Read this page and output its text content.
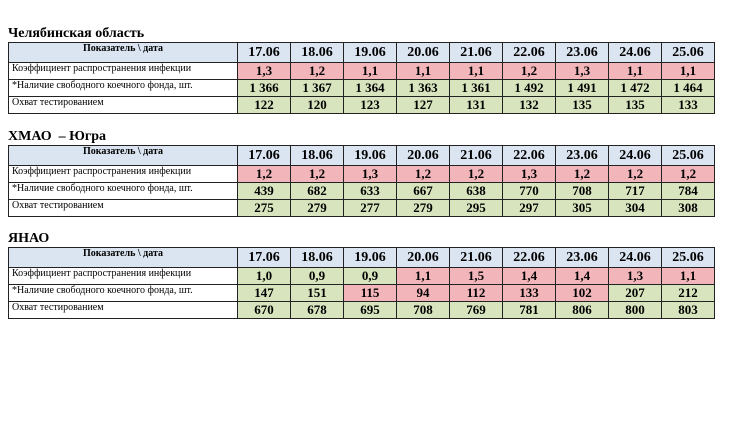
Челябинская область
Показатель \ дата	17.06	18.06	19.06	20.06	21.06	22.06	23.06	24.06	25.06
Коэффициент распространения инфекции	1,3	1,2	1,1	1,1	1,1	1,2	1,3	1,1	1,1
*Наличие свободного коечного фонда, шт.	1 366	1 367	1 364	1 363	1 361	1 492	1 491	1 472	1 464
Охват тестированием	122	120	123	127	131	132	135	135	133
ХМАО  – Югра
Показатель \ дата	17.06	18.06	19.06	20.06	21.06	22.06	23.06	24.06	25.06
Коэффициент распространения инфекции	1,2	1,2	1,3	1,2	1,2	1,3	1,2	1,2	1,2
*Наличие свободного коечного фонда, шт.	439	682	633	667	638	770	708	717	784
Охват тестированием	275	279	277	279	295	297	305	304	308
ЯНАО
Показатель \ дата	17.06	18.06	19.06	20.06	21.06	22.06	23.06	24.06	25.06
Коэффициент распространения инфекции	1,0	0,9	0,9	1,1	1,5	1,4	1,4	1,3	1,1
*Наличие свободного коечного фонда, шт.	147	151	115	94	112	133	102	207	212
Охват тестированием	670	678	695	708	769	781	806	800	803
